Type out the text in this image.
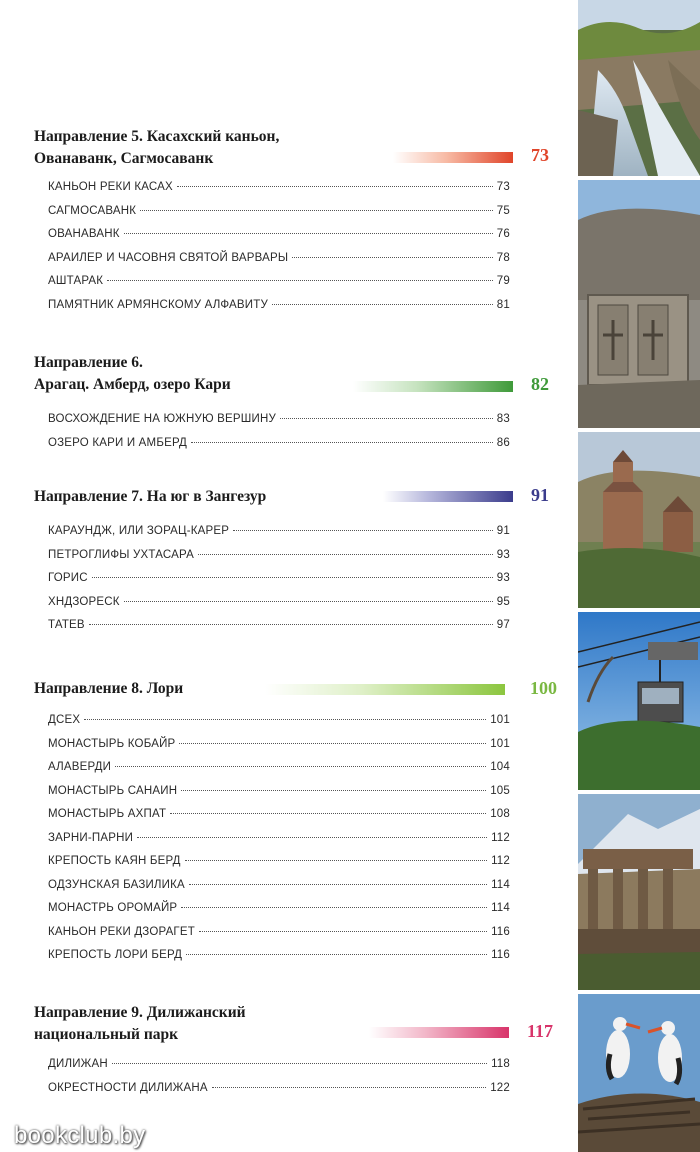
Направление 5. Касахский каньон,
Ованаванк, Сагмосаванк	73
КАНЬОН РЕКИ КАСАХ	73
САГМОСАВАНК	75
ОВАНАВАНК	76
АРАИЛЕР И ЧАСОВНЯ СВЯТОЙ ВАРВАРЫ	78
АШТАРАК	79
ПАМЯТНИК АРМЯНСКОМУ АЛФАВИТУ	81
Направление 6.
Арагац. Амберд, озеро Кари	82
ВОСХОЖДЕНИЕ НА ЮЖНУЮ ВЕРШИНУ	83
ОЗЕРО КАРИ И АМБЕРД	86
Направление 7. На юг в Зангезур	91
КАРАУНДЖ, ИЛИ ЗОРАЦ-КАРЕР	91
ПЕТРОГЛИФЫ УХТАСАРА	93
ГОРИС	93
ХНДЗОРЕСК	95
ТАТЕВ	97
Направление 8. Лори	100
ДСЕХ	101
МОНАСТЫРЬ КОБАЙР	101
АЛАВЕРДИ	104
МОНАСТЫРЬ САНАИН	105
МОНАСТЫРЬ АХПАТ	108
ЗАРНИ-ПАРНИ	112
КРЕПОСТЬ КАЯН БЕРД	112
ОДЗУНСКАЯ БАЗИЛИКА	114
МОНАСТРЬ ОРОМАЙР	114
КАНЬОН РЕКИ ДЗОРАГЕТ	116
КРЕПОСТЬ ЛОРИ БЕРД	116
Направление 9. Дилижанский
национальный парк	117
ДИЛИЖАН	118
ОКРЕСТНОСТИ ДИЛИЖАНА	122
bookclub.by
